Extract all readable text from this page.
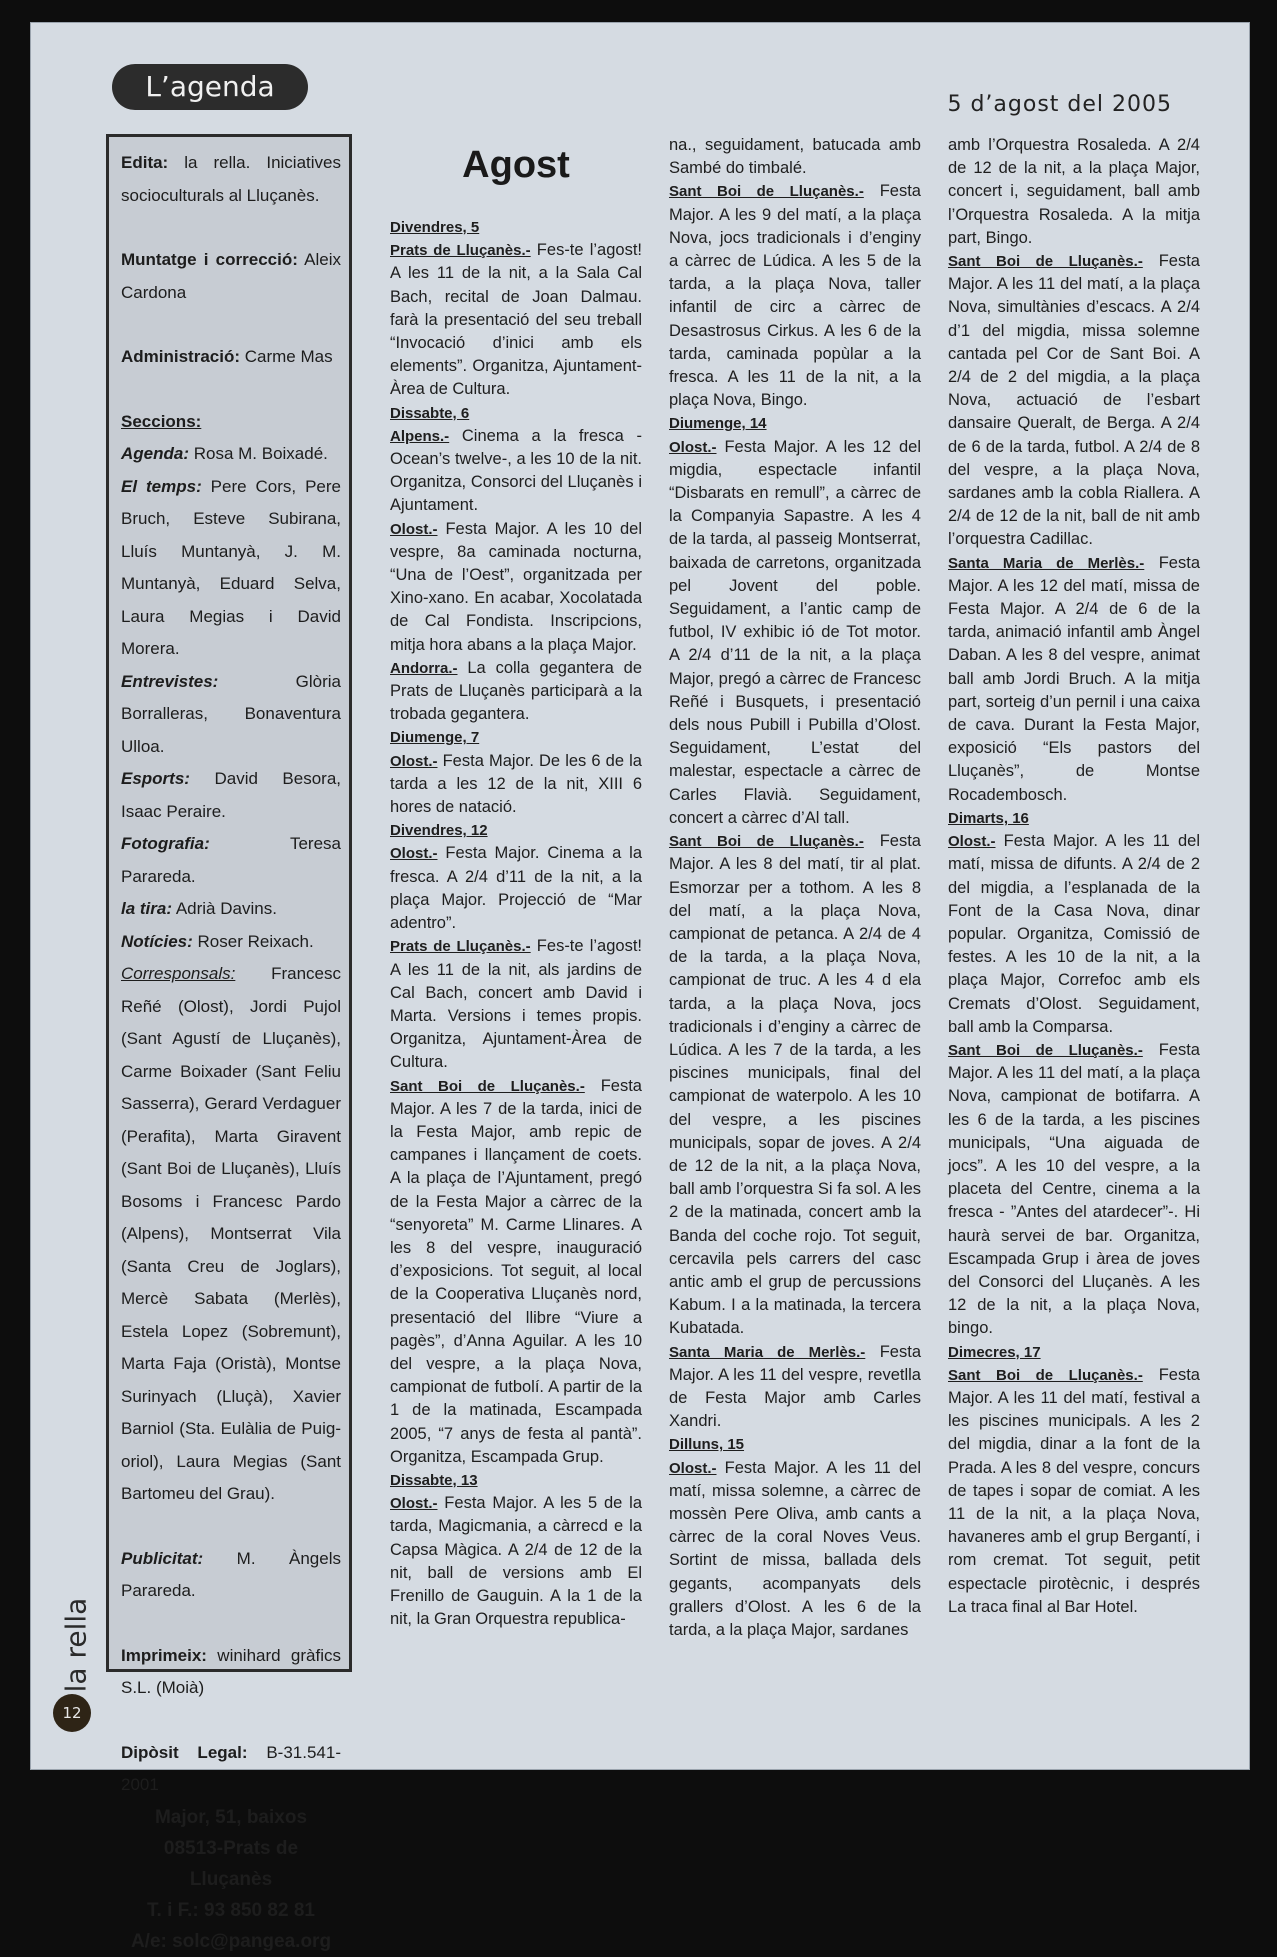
L’agenda
5 d’agost del 2005

Edita: la rella. Iniciatives socioculturals al Lluçanès.

Muntatge i correcció: Aleix Cardona

Administració: Carme Mas

Seccions:

Agenda: Rosa M. Boixadé.

El temps: Pere Cors, Pere Bruch, Esteve Subirana, Lluís Muntanyà, J. M. Muntanyà, Eduard Selva, Laura Megias i David Morera.

Entrevistes: Glòria Borralleras, Bonaventura Ulloa.

Esports: David Besora, Isaac Peraire.

Fotografia: Teresa Parareda.

la tira: Adrià Davins.

Notícies: Roser Reixach.

Corresponsals: Francesc Reñé (Olost), Jordi Pujol (Sant Agustí de Lluçanès), Carme Boixader (Sant Feliu Sasserra), Gerard Verdaguer (Perafita), Marta Giravent (Sant Boi de Lluçanès), Lluís Bosoms i Francesc Pardo (Alpens), Montserrat Vila (Santa Creu de Joglars), Mercè Sabata (Merlès), Estela Lopez (Sobremunt), Marta Faja (Oristà), Montse Surinyach (Lluçà), Xavier Barniol (Sta. Eulàlia de Puig-oriol), Laura Megias (Sant Bartomeu del Grau).

Publicitat: M. Àngels Parareda.

Imprimeix: winihard gràfics S.L. (Moià)

Dipòsit Legal: B-31.541-2001

Major, 51, baixos

08513-Prats de Lluçanès

T. i F.: 93 850 82 81

A/e: solc@pangea.org

la rella
12
Agost

Divendres, 5

Prats de Lluçanès.- Fes-te l’agost! A les 11 de la nit, a la Sala Cal Bach, recital de Joan Dalmau. farà la presentació del seu treball “Invocació d’inici amb els elements”. Organitza, Ajuntament-Àrea de Cultura.

Dissabte, 6

Alpens.- Cinema a la fresca - Ocean’s twelve-, a les 10 de la nit. Organitza, Consorci del Lluçanès i Ajuntament.

Olost.- Festa Major. A les 10 del vespre, 8a caminada nocturna, “Una de l’Oest”, organitzada per Xino-xano. En acabar, Xocolatada de Cal Fondista. Inscripcions, mitja hora abans a la plaça Major.

Andorra.- La colla gegantera de Prats de Lluçanès participarà a la trobada gegantera.

Diumenge, 7

Olost.- Festa Major. De les 6 de la tarda a les 12 de la nit, XIII 6 hores de natació.

Divendres, 12

Olost.- Festa Major. Cinema a la fresca. A 2/4 d’11 de la nit, a la plaça Major. Projecció de “Mar adentro”.

Prats de Lluçanès.- Fes-te l’agost! A les 11 de la nit, als jardins de Cal Bach, concert amb David i Marta. Versions i temes propis. Organitza, Ajuntament-Àrea de Cultura.

Sant Boi de Lluçanès.- Festa Major. A les 7 de la tarda, inici de la Festa Major, amb repic de campanes i llançament de coets. A la plaça de l’Ajuntament, pregó de la Festa Major a càrrec de la “senyoreta” M. Carme Llinares. A les 8 del vespre, inauguració d’exposicions. Tot seguit, al local de la Cooperativa Lluçanès nord, presentació del llibre “Viure a pagès”, d’Anna Aguilar. A les 10 del vespre, a la plaça Nova, campionat de futbolí. A partir de la 1 de la matinada, Escampada 2005, “7 anys de festa al pantà”. Organitza, Escampada Grup.

Dissabte, 13

Olost.- Festa Major. A les 5 de la tarda, Magicmania, a càrrecd e la Capsa Màgica. A 2/4 de 12 de la nit, ball de versions amb El Frenillo de Gauguin. A la 1 de la nit, la Gran Orquestra republica-

na., seguidament, batucada amb Sambé do timbalé.

Sant Boi de Lluçanès.- Festa Major. A les 9 del matí, a la plaça Nova, jocs tradicionals i d’enginy a càrrec de Lúdica. A les 5 de la tarda, a la plaça Nova, taller infantil de circ a càrrec de Desastrosus Cirkus. A les 6 de la tarda, caminada popùlar a la fresca. A les 11 de la nit, a la plaça Nova, Bingo.

Diumenge, 14

Olost.- Festa Major. A les 12 del migdia, espectacle infantil “Disbarats en remull”, a càrrec de la Companyia Sapastre. A les 4 de la tarda, al passeig Montserrat, baixada de carretons, organitzada pel Jovent del poble. Seguidament, a l’antic camp de futbol, IV exhibic ió de Tot motor. A 2/4 d’11 de la nit, a la plaça Major, pregó a càrrec de Francesc Reñé i Busquets, i presentació dels nous Pubill i Pubilla d’Olost. Seguidament, L’estat del malestar, espectacle a càrrec de Carles Flavià. Seguidament, concert a càrrec d’Al tall.

Sant Boi de Lluçanès.- Festa Major. A les 8 del matí, tir al plat. Esmorzar per a tothom. A les 8 del matí, a la plaça Nova, campionat de petanca. A 2/4 de 4 de la tarda, a la plaça Nova, campionat de truc. A les 4 d ela tarda, a la plaça Nova, jocs tradicionals i d’enginy a càrrec de Lúdica. A les 7 de la tarda, a les piscines municipals, final del campionat de waterpolo. A les 10 del vespre, a les piscines municipals, sopar de joves. A 2/4 de 12 de la nit, a la plaça Nova, ball amb l’orquestra Si fa sol. A les 2 de la matinada, concert amb la Banda del coche rojo. Tot seguit, cercavila pels carrers del casc antic amb el grup de percussions Kabum. I a la matinada, la tercera Kubatada.

Santa Maria de Merlès.- Festa Major. A les 11 del vespre, revetlla de Festa Major amb Carles Xandri.

Dilluns, 15

Olost.- Festa Major. A les 11 del matí, missa solemne, a càrrec de mossèn Pere Oliva, amb cants a càrrec de la coral Noves Veus. Sortint de missa, ballada dels gegants, acompanyats dels grallers d’Olost. A les 6 de la tarda, a la plaça Major, sardanes

amb l’Orquestra Rosaleda. A 2/4 de 12 de la nit, a la plaça Major, concert i, seguidament, ball amb l’Orquestra Rosaleda. A la mitja part, Bingo.

Sant Boi de Lluçanès.- Festa Major. A les 11 del matí, a la plaça Nova, simultànies d’escacs. A 2/4 d’1 del migdia, missa solemne cantada pel Cor de Sant Boi. A 2/4 de 2 del migdia, a la plaça Nova, actuació de l’esbart dansaire Queralt, de Berga. A 2/4 de 6 de la tarda, futbol. A 2/4 de 8 del vespre, a la plaça Nova, sardanes amb la cobla Riallera. A 2/4 de 12 de la nit, ball de nit amb l’orquestra Cadillac.

Santa Maria de Merlès.- Festa Major. A les 12 del matí, missa de Festa Major. A 2/4 de 6 de la tarda, animació infantil amb Àngel Daban. A les 8 del vespre, animat ball amb Jordi Bruch. A la mitja part, sorteig d’un pernil i una caixa de cava. Durant la Festa Major, exposició “Els pastors del Lluçanès”, de Montse Rocadembosch.

Dimarts, 16

Olost.- Festa Major. A les 11 del matí, missa de difunts. A 2/4 de 2 del migdia, a l’esplanada de la Font de la Casa Nova, dinar popular. Organitza, Comissió de festes. A les 10 de la nit, a la plaça Major, Correfoc amb els Cremats d’Olost. Seguidament, ball amb la Comparsa.

Sant Boi de Lluçanès.- Festa Major. A les 11 del matí, a la plaça Nova, campionat de botifarra. A les 6 de la tarda, a les piscines municipals, “Una aiguada de jocs”. A les 10 del vespre, a la placeta del Centre, cinema a la fresca - ”Antes del atardecer”-. Hi haurà servei de bar. Organitza, Escampada Grup i àrea de joves del Consorci del Lluçanès. A les 12 de la nit, a la plaça Nova, bingo.

Dimecres, 17

Sant Boi de Lluçanès.- Festa Major. A les 11 del matí, festival a les piscines municipals. A les 2 del migdia, dinar a la font de la Prada. A les 8 del vespre, concurs de tapes i sopar de comiat. A les 11 de la nit, a la plaça Nova, havaneres amb el grup Bergantí, i rom cremat. Tot seguit, petit espectacle pirotècnic, i després La traca final al Bar Hotel.
